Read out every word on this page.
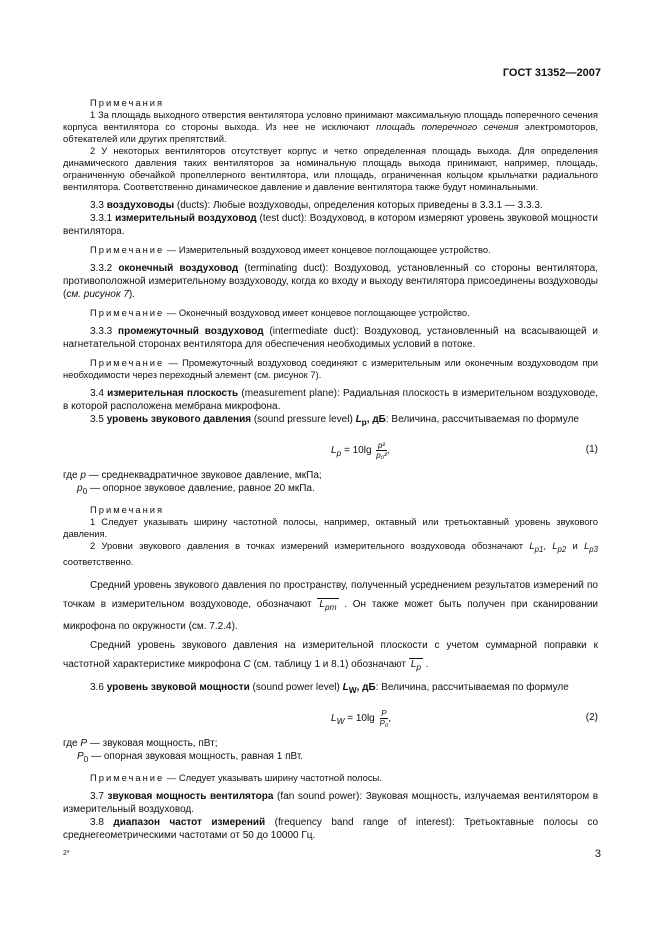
ГОСТ 31352—2007

Примечания

1 За площадь выходного отверстия вентилятора условно принимают максимальную площадь поперечного сечения корпуса вентилятора со стороны выхода. Из нее не исключают площадь поперечного сечения электромоторов, обтекателей или других препятствий.

2 У некоторых вентиляторов отсутствует корпус и четко определенная площадь выхода. Для определения динамического давления таких вентиляторов за номинальную площадь выхода принимают, например, площадь, ограниченную обечайкой пропеллерного вентилятора, или площадь, ограниченная кольцом крыльчатки радиального вентилятора. Соответственно динамическое давление и давление вентилятора также будут номинальными.

3.3 воздуховоды (ducts): Любые воздуховоды, определения которых приведены в 3.3.1 — 3.3.3.

3.3.1 измерительный воздуховод (test duct): Воздуховод, в котором измеряют уровень звуковой мощности вентилятора.

Примечание — Измерительный воздуховод имеет концевое поглощающее устройство.

3.3.2 оконечный воздуховод (terminating duct): Воздуховод, установленный со стороны вентилятора, противоположной измерительному воздуховоду, когда ко входу и выходу вентилятора присоединены воздуховоды (см. рисунок 7).

Примечание — Оконечный воздуховод имеет концевое поглощающее устройство.

3.3.3 промежуточный воздуховод (intermediate duct): Воздуховод, установленный на всасывающей и нагнетательной сторонах вентилятора для обеспечения необходимых условий в потоке.

Примечание — Промежуточный воздуховод соединяют с измерительным или оконечным воздуховодом при необходимости через переходный элемент (см. рисунок 7).

3.4 измерительная плоскость (measurement plane): Радиальная плоскость в измерительном воздуховоде, в которой расположена мембрана микрофона.

3.5 уровень звукового давления (sound pressure level) $L_p$, дБ: Величина, рассчитываемая по формуле

$L_p = 10\lg \frac{\text{p²}}{\text{p₀²}}$ ,	(1)

где p — среднеквадратичное звуковое давление, мкПа;

$p_0$ — опорное звуковое давление, равное 20 мкПа.

Примечания

1 Следует указывать ширину частотной полосы, например, октавный или третьоктавный уровень звукового давления.

2 Уровни звукового давления в точках измерений измерительного воздуховода обозначают $L_{p1}$, $L_{p2}$ и $L_{p3}$ соответственно.

Средний уровень звукового давления по пространству, полученный усреднением результатов измерений по точкам в измерительном воздуховоде, обозначают $L_{pm}$ . Он также может быть получен при сканировании микрофона по окружности (см. 7.2.4).

Средний уровень звукового давления на измерительной плоскости с учетом суммарной поправки к частотной характеристике микрофона C (см. таблицу 1 и 8.1) обозначают $L_p$ .

3.6 уровень звуковой мощности (sound power level) $L_W$, дБ: Величина, рассчитываемая по формуле

$L_W = 10\lg \frac{P}{\text{P₀}}$ ,	(2)

где P — звуковая мощность, пВт;

$P_0$ — опорная звуковая мощность, равная 1 пВт.

Примечание — Следует указывать ширину частотной полосы.

3.7 звуковая мощность вентилятора (fan sound power): Звуковая мощность, излучаемая вентилятором в измерительный воздуховод.

3.8 диапазон частот измерений (frequency band range of interest): Третьоктавные полосы со среднегеометрическими частотами от 50 до 10000 Гц.

2*	3
